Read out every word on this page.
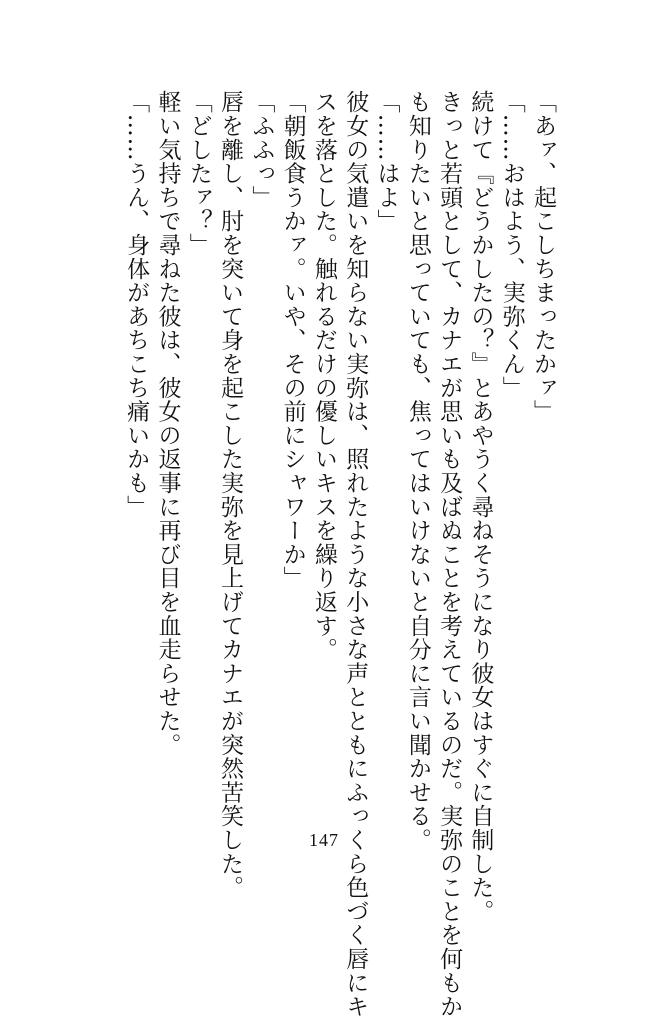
「あァ、起こしちまったかァ」
「……おはよう、実弥くん」
続けて『どうかしたの？』とあやうく尋ねそうになり彼女はすぐに自制した。
きっと若頭として、カナエが思いも及ばぬことを考えているのだ。実弥のことを何もか
も知りたいと思っていても、焦ってはいけないと自分に言い聞かせる。
「……はよ」
彼女の気遣いを知らない実弥は、照れたような小さな声とともにふっくら色づく唇にキ
スを落とした。触れるだけの優しいキスを繰り返す。
「朝飯食うかァ。いや、その前にシャワーか」
「ふふっ」
唇を離し、肘を突いて身を起こした実弥を見上げてカナエが突然苦笑した。
「どしたァ？」
軽い気持ちで尋ねた彼は、彼女の返事に再び目を血走らせた。
「……うん、身体があちこち痛いかも」
147
